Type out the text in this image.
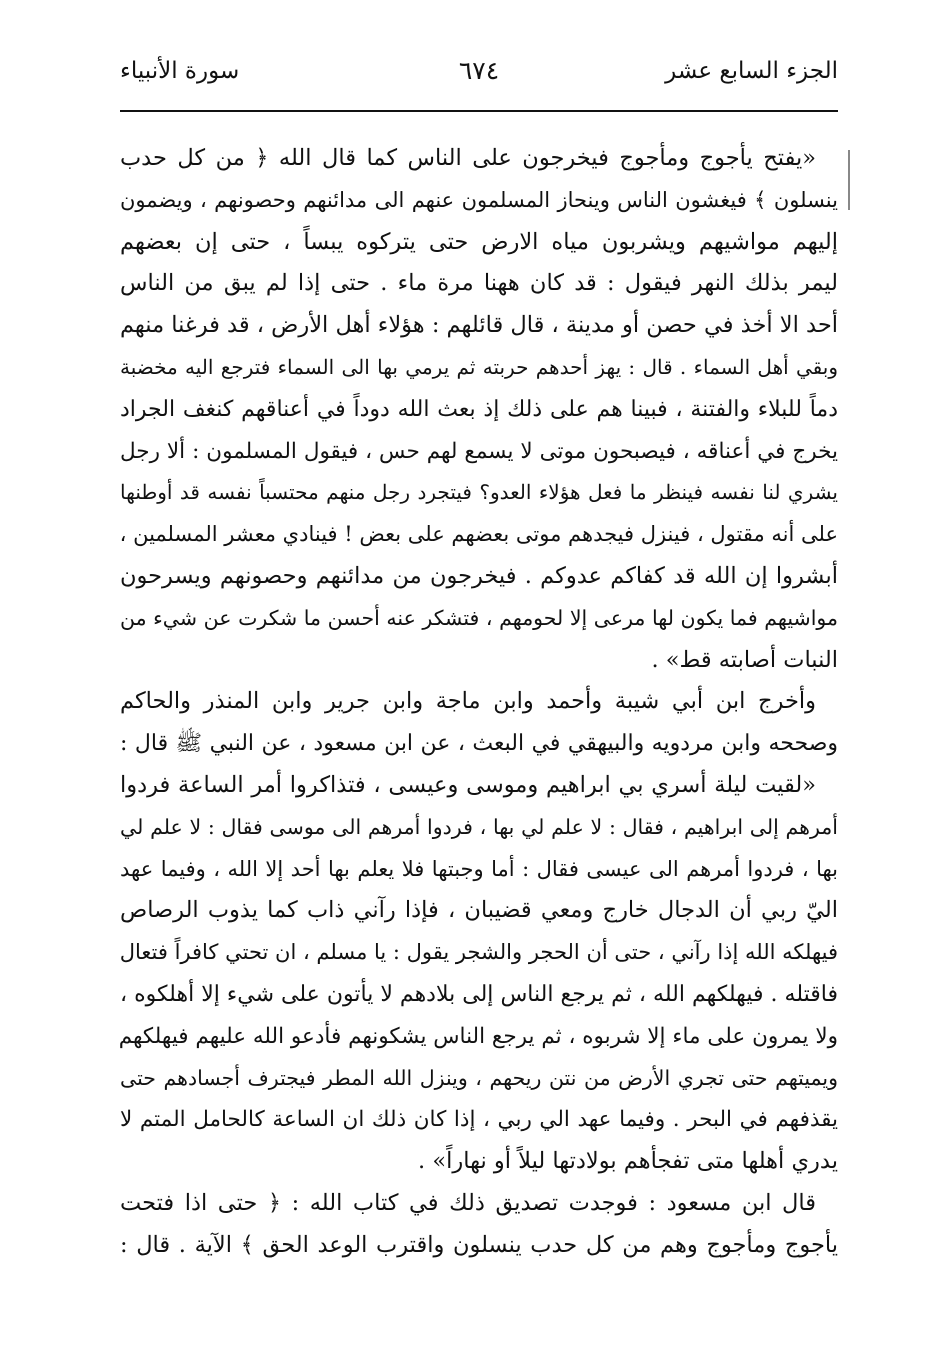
الجزء السابع عشر
٦٧٤
سورة الأنبياء
«يفتح يأجوج ومأجوج فيخرجون على الناس كما قال الله ﴿ من كل حدب
ينسلون ﴾ فيغشون الناس وينحاز المسلمون عنهم الى مدائنهم وحصونهم ، ويضمون
إليهم مواشيهم ويشربون مياه الارض حتى يتركوه يبساً ، حتى إن بعضهم
ليمر بذلك النهر فيقول : قد كان ههنا مرة ماء . حتى إذا لم يبق من الناس
أحد الا أخذ في حصن أو مدينة ، قال قائلهم : هؤلاء أهل الأرض ، قد فرغنا منهم
وبقي أهل السماء . قال : يهز أحدهم حربته ثم يرمي بها الى السماء فترجع اليه مخضبة
دماً للبلاء والفتنة ، فبينا هم على ذلك إذ بعث الله دوداً في أعناقهم كنغف الجراد
يخرج في أعناقه ، فيصبحون موتى لا يسمع لهم حس ، فيقول المسلمون : ألا رجل
يشري لنا نفسه فينظر ما فعل هؤلاء العدو؟ فيتجرد رجل منهم محتسباً نفسه قد أوطنها
على أنه مقتول ، فينزل فيجدهم موتى بعضهم على بعض ! فينادي معشر المسلمين ،
أبشروا إن الله قد كفاكم عدوكم . فيخرجون من مدائنهم وحصونهم ويسرحون
مواشيهم فما يكون لها مرعى إلا لحومهم ، فتشكر عنه أحسن ما شكرت عن شيء من
النبات أصابته قط» .
وأخرج ابن أبي شيبة وأحمد وابن ماجة وابن جرير وابن المنذر والحاكم
وصححه وابن مردويه والبيهقي في البعث ، عن ابن مسعود ، عن النبي ﷺ قال :
«لقيت ليلة أسري بي ابراهيم وموسى وعيسى ، فتذاكروا أمر الساعة فردوا
أمرهم إلى ابراهيم ، فقال : لا علم لي بها ، فردوا أمرهم الى موسى فقال : لا علم لي
بها ، فردوا أمرهم الى عيسى فقال : أما وجبتها فلا يعلم بها أحد إلا الله ، وفيما عهد
اليّ ربي أن الدجال خارج ومعي قضيبان ، فإذا رآني ذاب كما يذوب الرصاص
فيهلكه الله إذا رآني ، حتى أن الحجر والشجر يقول : يا مسلم ، ان تحتي كافراً فتعال
فاقتله . فيهلكهم الله ، ثم يرجع الناس إلى بلادهم لا يأتون على شيء إلا أهلكوه ،
ولا يمرون على ماء إلا شربوه ، ثم يرجع الناس يشكونهم فأدعو الله عليهم فيهلكهم
ويميتهم حتى تجري الأرض من نتن ريحهم ، وينزل الله المطر فيجترف أجسادهم حتى
يقذفهم في البحر . وفيما عهد الي ربي ، إذا كان ذلك ان الساعة كالحامل المتم لا
يدري أهلها متى تفجأهم بولادتها ليلاً أو نهاراً» .
قال ابن مسعود : فوجدت تصديق ذلك في كتاب الله : ﴿ حتى اذا فتحت
يأجوج ومأجوج وهم من كل حدب ينسلون واقترب الوعد الحق ﴾ الآية . قال :
